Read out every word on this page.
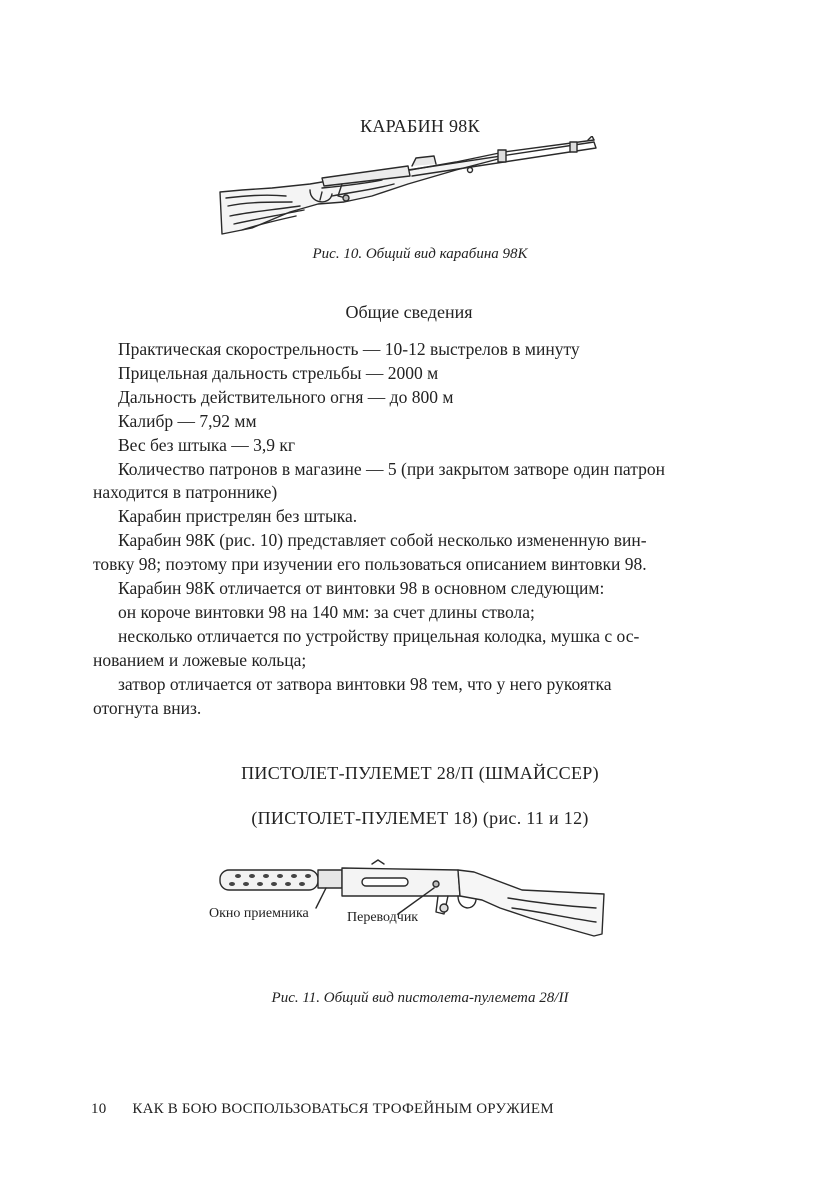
КАРАБИН 98К
Рис. 10. Общий вид карабина 98К
Общие сведения

Практическая скорострельность — 10-12 выстрелов в минуту

Прицельная дальность стрельбы — 2000 м

Дальность действительного огня — до 800 м

Калибр — 7,92 мм

Вес без штыка — 3,9 кг

Количество патронов в магазине — 5 (при закрытом затворе один патрон

находится в патроннике)

Карабин пристрелян без штыка.

Карабин 98К (рис. 10) представляет собой несколько измененную вин-

товку 98; поэтому при изучении его пользоваться описанием винтовки 98.

Карабин 98К отличается от винтовки 98 в основном следующим:

он короче винтовки 98 на 140 мм: за счет длины ствола;

несколько отличается по устройству прицельная колодка, мушка с ос-

нованием и ложевые кольца;

затвор отличается от затвора винтовки 98 тем, что у него рукоятка

отогнута вниз.

ПИСТОЛЕТ-ПУЛЕМЕТ 28/П (ШМАЙССЕР)
(ПИСТОЛЕТ-ПУЛЕМЕТ 18) (рис. 11 и 12)
Окно приемника	Переводчик
Рис. 11. Общий вид пистолета-пулемета 28/II
10 КАК В БОЮ ВОСПОЛЬЗОВАТЬСЯ ТРОФЕЙНЫМ ОРУЖИЕМ
